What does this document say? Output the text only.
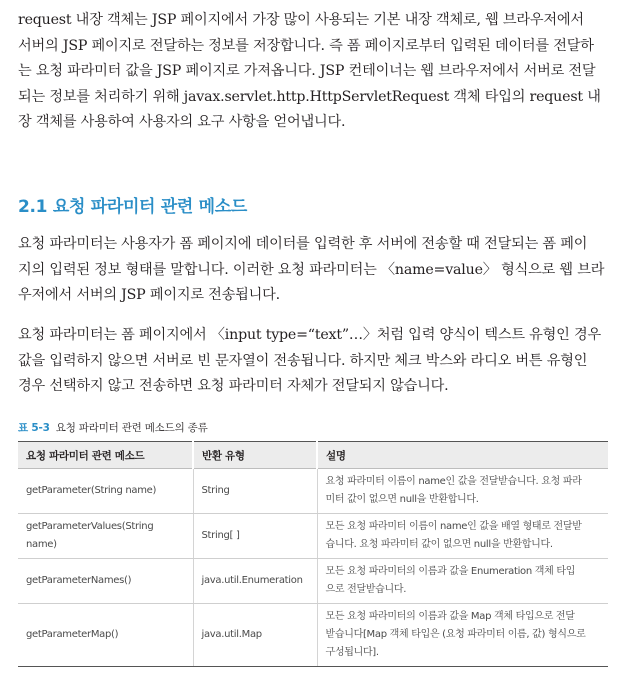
request 내장 객체는 JSP 페이지에서 가장 많이 사용되는 기본 내장 객체로, 웹 브라우저에서
서버의 JSP 페이지로 전달하는 정보를 저장합니다. 즉 폼 페이지로부터 입력된 데이터를 전달하
는 요청 파라미터 값을 JSP 페이지로 가져옵니다. JSP 컨테이너는 웹 브라우저에서 서버로 전달
되는 정보를 처리하기 위해 javax.servlet.http.HttpServletRequest 객체 타입의 request 내
장 객체를 사용하여 사용자의 요구 사항을 얻어냅니다.

2.1 요청 파라미터 관련 메소드

요청 파라미터는 사용자가 폼 페이지에 데이터를 입력한 후 서버에 전송할 때 전달되는 폼 페이
지의 입력된 정보 형태를 말합니다. 이러한 요청 파라미터는 〈name=value〉 형식으로 웹 브라
우저에서 서버의 JSP 페이지로 전송됩니다.

요청 파라미터는 폼 페이지에서 〈input type=“text”…〉처럼 입력 양식이 텍스트 유형인 경우
값을 입력하지 않으면 서버로 빈 문자열이 전송됩니다. 하지만 체크 박스와 라디오 버튼 유형인
경우 선택하지 않고 전송하면 요청 파라미터 자체가 전달되지 않습니다.

표 5-3 요청 파라미터 관련 메소드의 종류
요청 파라미터 관련 메소드	반환 유형	설명
getParameter(String name)	String	요청 파라미터 이름이 name인 값을 전달받습니다. 요청 파라
미터 값이 없으면 null을 반환합니다.
getParameterValues(String name)	String[ ]	모든 요청 파라미터 이름이 name인 값을 배열 형태로 전달받
습니다. 요청 파라미터 값이 없으면 null을 반환합니다.
getParameterNames()	java.util.Enumeration	모든 요청 파라미터의 이름과 값을 Enumeration 객체 타입
으로 전달받습니다.
getParameterMap()	java.util.Map	모든 요청 파라미터의 이름과 값을 Map 객체 타입으로 전달
받습니다[Map 객체 타입은 (요청 파라미터 이름, 값) 형식으로
구성됩니다].
